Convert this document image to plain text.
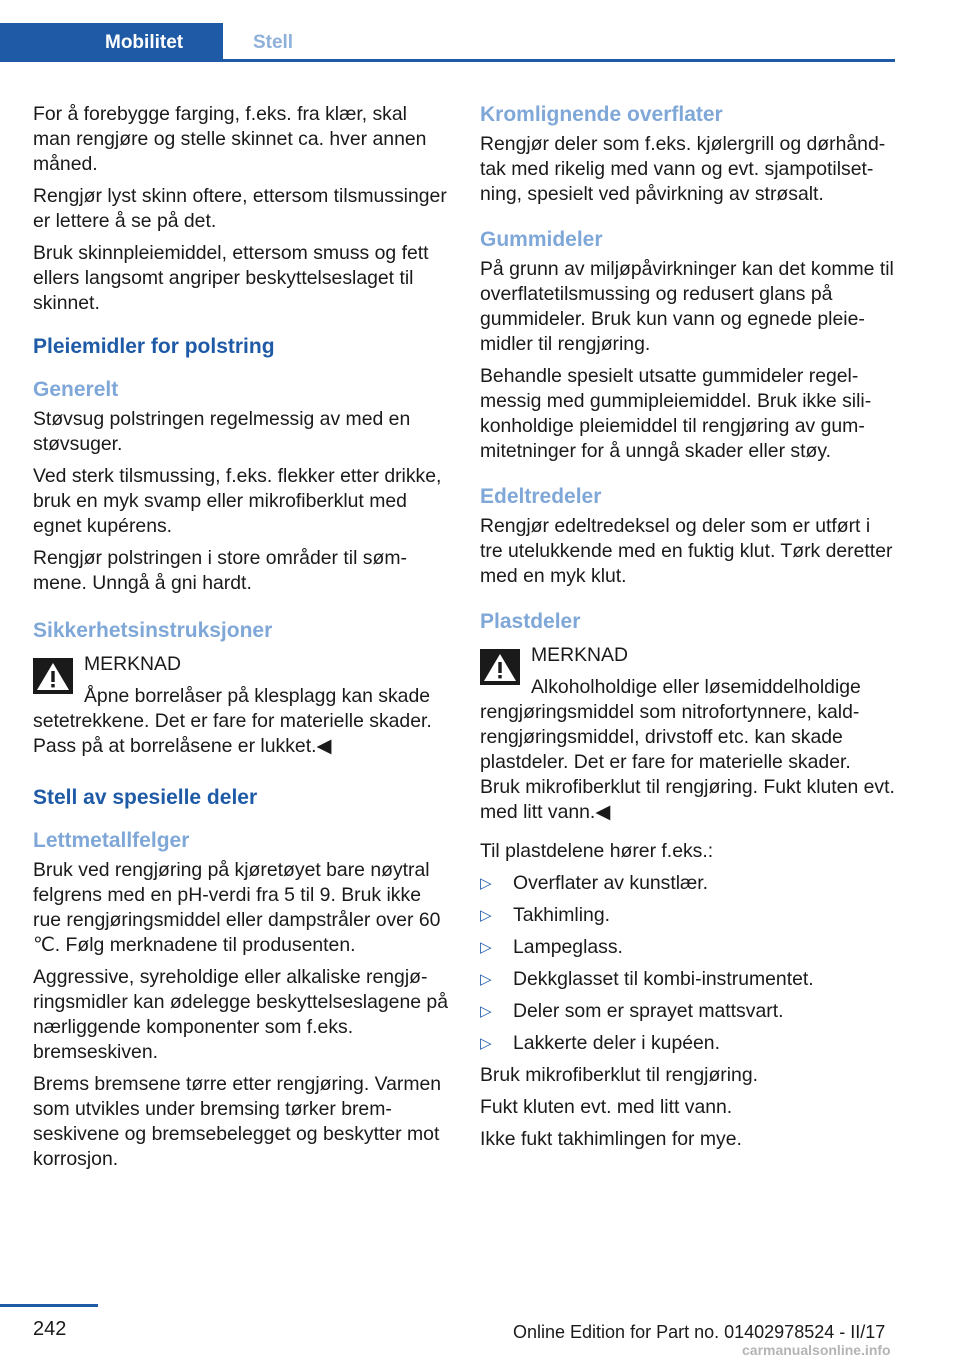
Mobilitet	Stell

For å forebygge farging, f.eks. fra klær, skal man rengjøre og stelle skinnet ca. hver annen måned.

Rengjør lyst skinn oftere, ettersom tilsmussinger er lettere å se på det.

Bruk skinnpleiemiddel, ettersom smuss og fett ellers langsomt angriper beskyttelseslaget til skinnet.

Pleiemidler for polstring
Generelt

Støvsug polstringen regelmessig av med en støvsuger.

Ved sterk tilsmussing, f.eks. flekker etter drikke, bruk en myk svamp eller mikrofiberklut med egnet kupérens.

Rengjør polstringen i store områder til sømmene. Unngå å gni hardt.

Sikkerhetsinstruksjoner
MERKNAD
Åpne borrelåser på klesplagg kan skade setetrekkene. Det er fare for materielle skader. Pass på at borrelåsene er lukket.◀
Stell av spesielle deler
Lettmetallfelger

Bruk ved rengjøring på kjøretøyet bare nøytral felgrens med en pH-verdi fra 5 til 9. Bruk ikke rue rengjøringsmiddel eller dampstråler over 60 ℃. Følg merknadene til produsenten.

Aggressive, syreholdige eller alkaliske rengjøringsmidler kan ødelegge beskyttelseslagene på nærliggende komponenter som f.eks. bremseskiven.

Brems bremsene tørre etter rengjøring. Varmen som utvikles under bremsing tørker bremseskivene og bremsebelegget og beskytter mot korrosjon.

Kromlignende overflater

Rengjør deler som f.eks. kjølergrill og dørhåndtak med rikelig med vann og evt. sjampotilsetning, spesielt ved påvirkning av strøsalt.

Gummideler

På grunn av miljøpåvirkninger kan det komme til overflatetilsmussing og redusert glans på gummideler. Bruk kun vann og egnede pleiemidler til rengjøring.

Behandle spesielt utsatte gummideler regelmessig med gummipleiemiddel. Bruk ikke silikonholdige pleiemiddel til rengjøring av gummitetninger for å unngå skader eller støy.

Edeltredeler

Rengjør edeltredeksel og deler som er utført i tre utelukkende med en fuktig klut. Tørk deretter med en myk klut.

Plastdeler
MERKNAD
Alkoholholdige eller løsemiddelholdige rengjøringsmiddel som nitrofortynnere, kaldrengjøringsmiddel, drivstoff etc. kan skade plastdeler. Det er fare for materielle skader. Bruk mikrofiberklut til rengjøring. Fukt kluten evt. med litt vann.◀

Til plastdelene hører f.eks.:

▷ Overflater av kunstlær.
▷ Takhimling.
▷ Lampeglass.
▷ Dekkglasset til kombi-instrumentet.
▷ Deler som er sprayet mattsvart.
▷ Lakkerte deler i kupéen.

Bruk mikrofiberklut til rengjøring.

Fukt kluten evt. med litt vann.

Ikke fukt takhimlingen for mye.

242	Online Edition for Part no. 01402978524 - II/17
carmanualsonline.info
